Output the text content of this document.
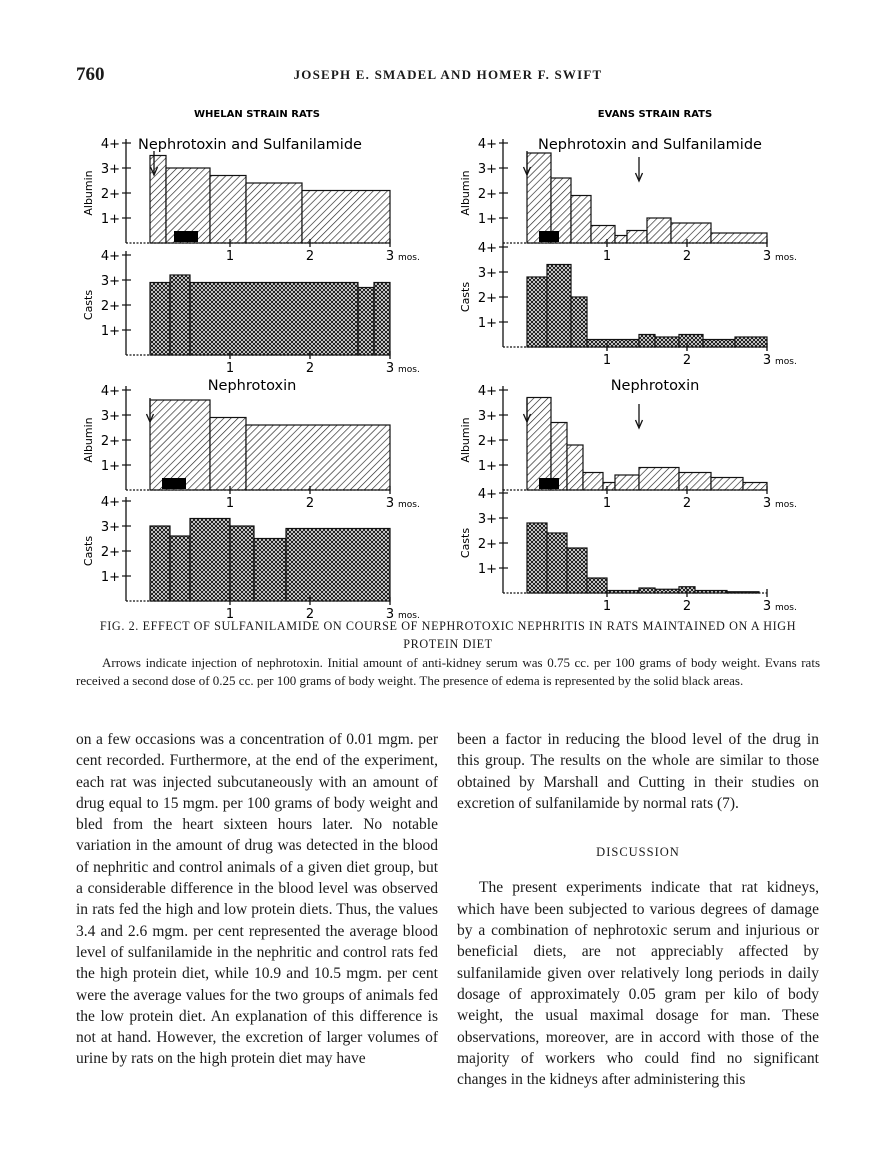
760	JOSEPH E. SMADEL AND HOMER F. SWIFT
WHELAN STRAIN RATS	EVANS STRAIN RATS
Nephrotoxin and Sulfanilamide	Nephrotoxin and Sulfanilamide
Nephrotoxin	Nephrotoxin
1+
2+
3+
4+
Albumin
1	2	3 mos.
1+
2+
3+
4+
Casts
1	2	3 mos.
1+
2+
3+
4+
Albumin
1	2	3 mos.
1+
2+
3+
4+
Casts
1	2	3 mos.
1+
2+
3+
4+
Albumin
1	2	3 mos.
1+
2+
3+
4+
Casts
1	2	3 mos.
1+
2+
3+
4+
Albumin
1	2	3 mos.
1+
2+
3+
4+
Casts
1	2	3 mos.
FIG. 2. EFFECT OF SULFANILAMIDE ON COURSE OF NEPHROTOXIC NEPHRITIS IN RATS MAINTAINED ON A HIGH PROTEIN DIET

Arrows indicate injection of nephrotoxin. Initial amount of anti-kidney serum was 0.75 cc. per 100 grams of body weight. Evans rats received a second dose of 0.25 cc. per 100 grams of body weight. The presence of edema is represented by the solid black areas.

on a few occasions was a concentration of 0.01 mgm. per cent recorded. Furthermore, at the end of the experiment, each rat was injected subcutaneously with an amount of drug equal to 15 mgm. per 100 grams of body weight and bled from the heart sixteen hours later. No notable variation in the amount of drug was detected in the blood of nephritic and control animals of a given diet group, but a considerable difference in the blood level was observed in rats fed the high and low protein diets. Thus, the values 3.4 and 2.6 mgm. per cent represented the average blood level of sulfanilamide in the nephritic and control rats fed the high protein diet, while 10.9 and 10.5 mgm. per cent were the average values for the two groups of animals fed the low protein diet. An explanation of this difference is not at hand. However, the excretion of larger volumes of urine by rats on the high protein diet may have

been a factor in reducing the blood level of the drug in this group. The results on the whole are similar to those obtained by Marshall and Cutting in their studies on excretion of sulfanilamide by normal rats (7).

DISCUSSION

The present experiments indicate that rat kidneys, which have been subjected to various degrees of damage by a combination of nephrotoxic serum and injurious or beneficial diets, are not appreciably affected by sulfanilamide given over relatively long periods in daily dosage of approximately 0.05 gram per kilo of body weight, the usual maximal dosage for man. These observations, moreover, are in accord with those of the majority of workers who could find no significant changes in the kidneys after administering this
